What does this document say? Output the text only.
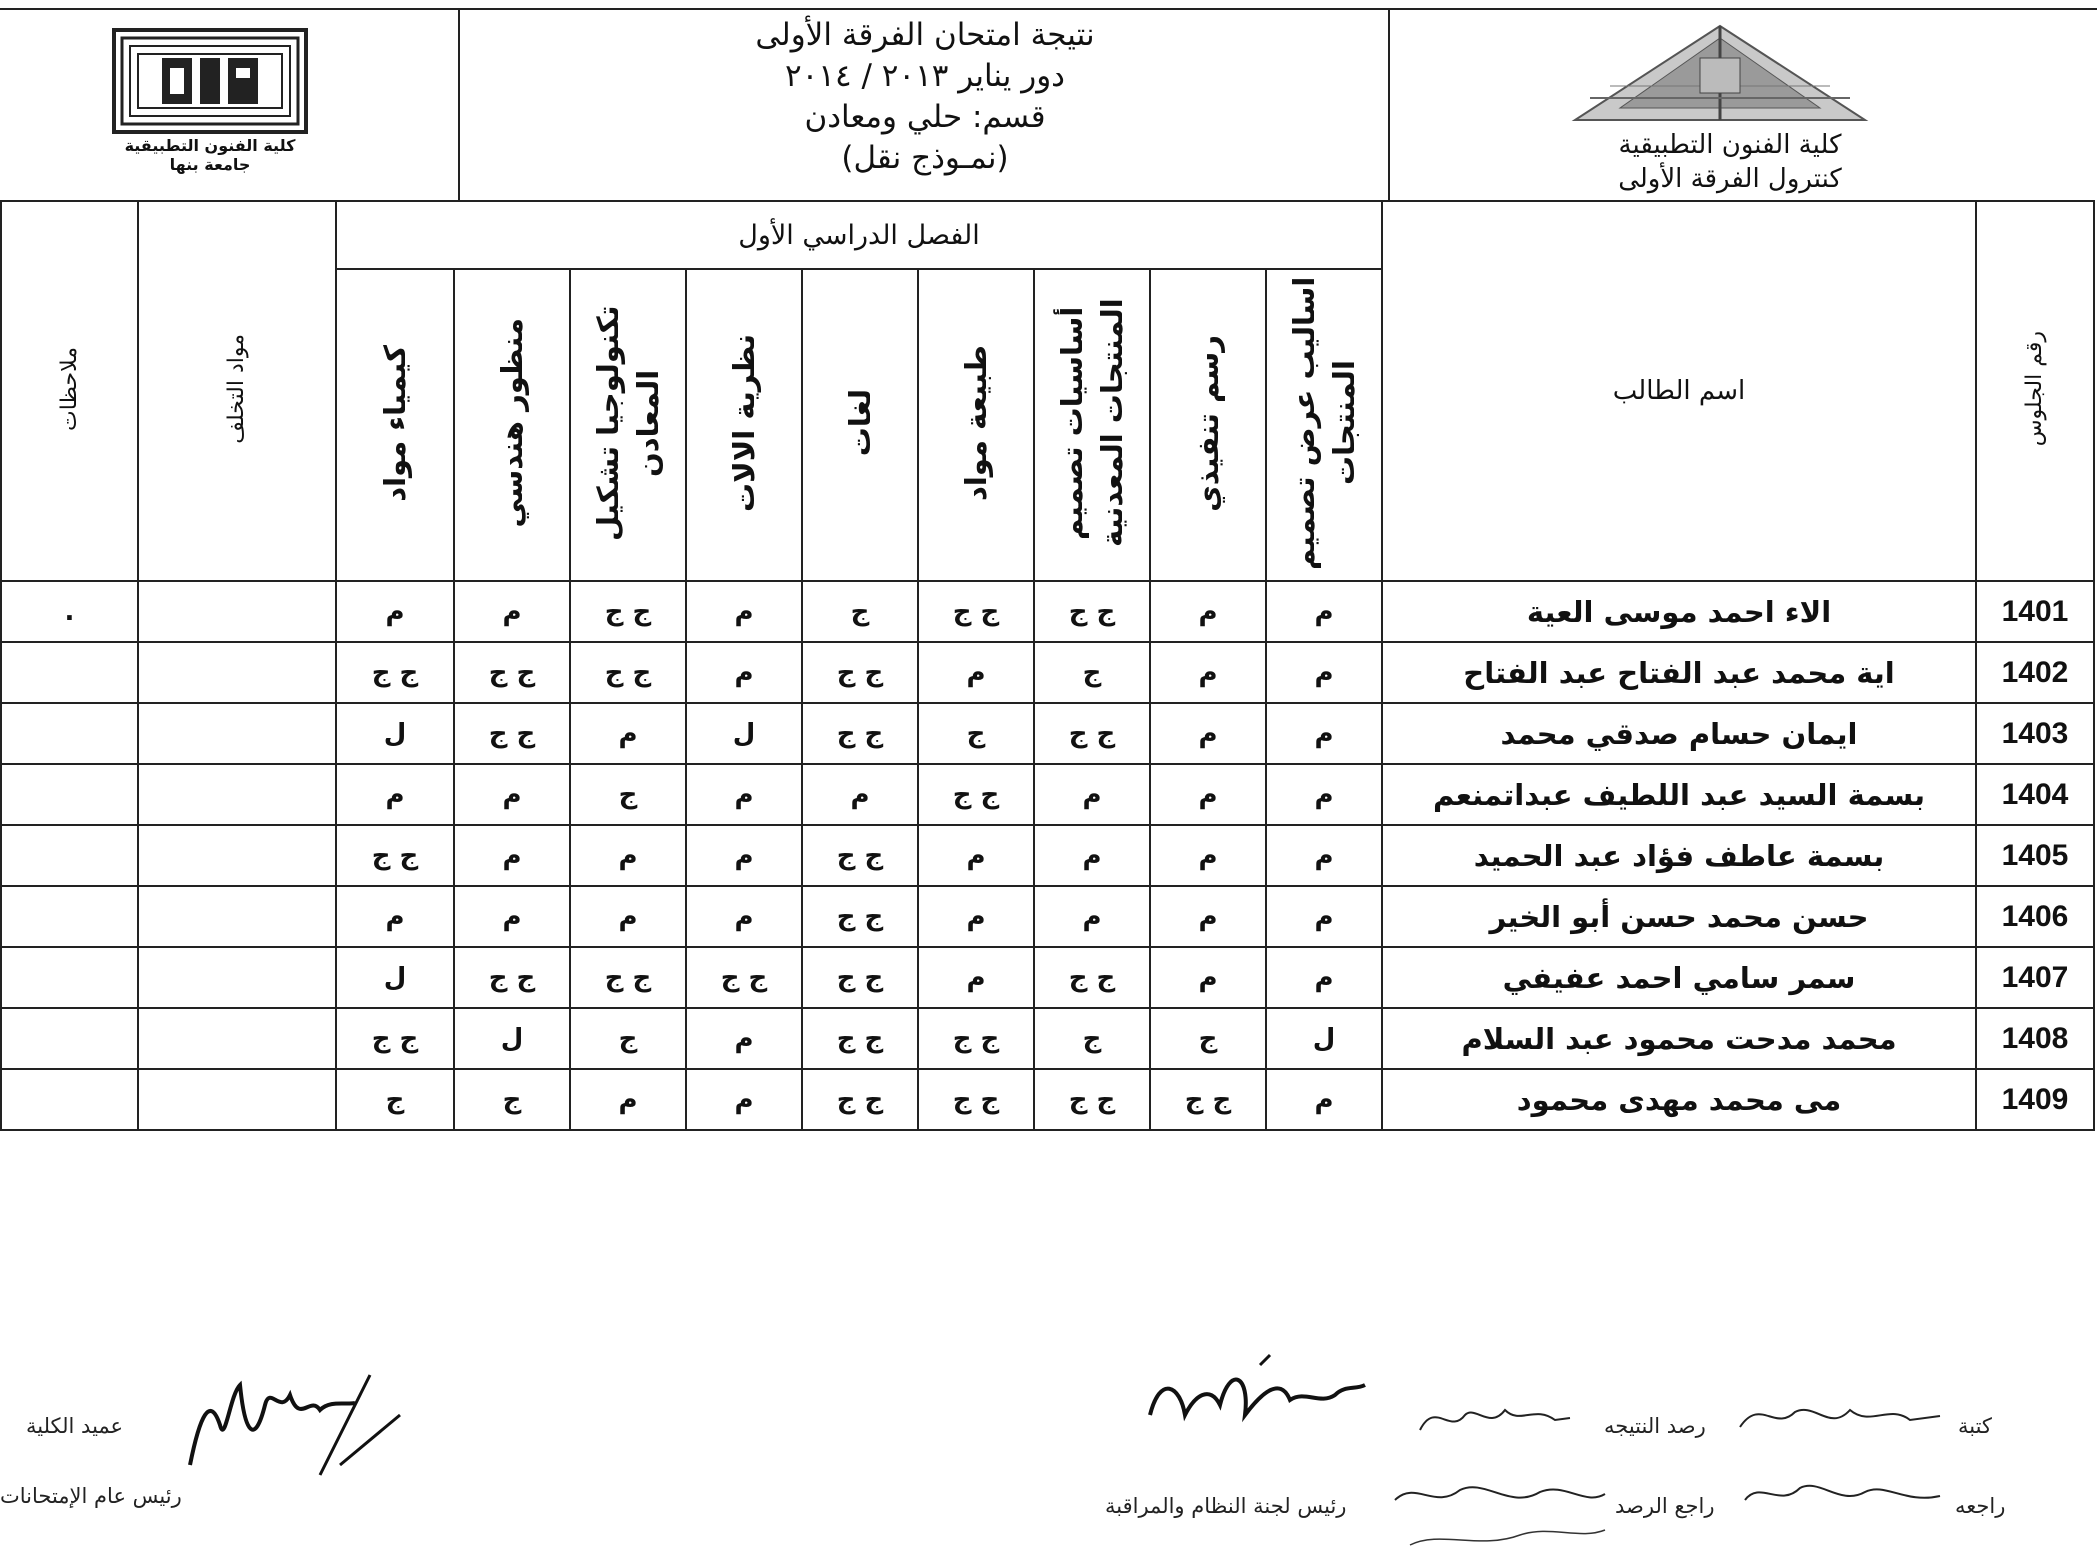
كلية الفنون التطبيقية
كنترول الفرقة الأولى
كلية الفنون التطبيقية
جامعة بنها
نتيجة امتحان الفرقة الأولى
دور يناير ٢٠١٣ / ٢٠١٤
قسم: حلي ومعادن
(نمـوذج نقل)
ملاحظات	مواد التخلف	الفصل الدراسي الأول									اسم الطالب	رقم الجلوس
		كيمياء مواد	منظور هندسي	تكنولوجيا تشكيل المعادن	نظرية الالات	لغات	طبيعة مواد	أساسيات تصميم المنتجات المعدنية	رسم تنفيذي	اساليب عرض تصميم المنتجات		
.		م	م	ج ج	م	ج	ج ج	ج ج	م	م	الاء احمد موسى العية	1401
		ج ج	ج ج	ج ج	م	ج ج	م	ج	م	م	اية محمد عبد الفتاح عبد الفتاح	1402
		ل	ج ج	م	ل	ج ج	ج	ج ج	م	م	ايمان حسام صدقي محمد	1403
		م	م	ج	م	م	ج ج	م	م	م	بسمة السيد عبد اللطيف عبداتمنعم	1404
		ج ج	م	م	م	ج ج	م	م	م	م	بسمة عاطف فؤاد عبد الحميد	1405
		م	م	م	م	ج ج	م	م	م	م	حسن محمد حسن أبو الخير	1406
		ل	ج ج	ج ج	ج ج	ج ج	م	ج ج	م	م	سمر سامي احمد عفيفي	1407
		ج ج	ل	ج	م	ج ج	ج ج	ج	ج	ل	محمد مدحت محمود عبد السلام	1408
		ج	ج	م	م	ج ج	ج ج	ج ج	ج ج	م	مى محمد مهدى محمود	1409
كتبة
رصد النتيجه
راجعه
راجع الرصد
رئيس لجنة النظام والمراقبة
عميد الكلية
رئيس عام الإمتحانات
